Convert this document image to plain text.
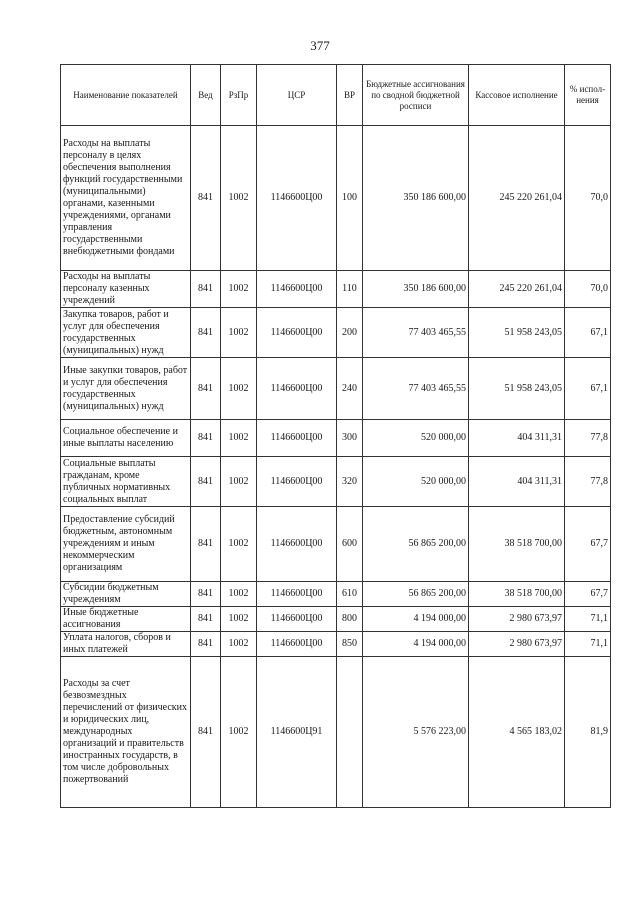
377
Наименование показателей	Вед	РзПр	ЦСР	ВР	Бюджетные ассигнования по сводной бюджетной росписи	Кассовое исполнение	% испол-нения
Расходы на выплаты персоналу в целях обеспечения выполнения функций государственными (муниципальными) органами, казенными учреждениями, органами управления государственными внебюджетными фондами	841	1002	1146600Ц00	100	350 186 600,00	245 220 261,04	70,0
Расходы на выплаты персоналу казенных учреждений	841	1002	1146600Ц00	110	350 186 600,00	245 220 261,04	70,0
Закупка товаров, работ и услуг для обеспечения государственных (муниципальных) нужд	841	1002	1146600Ц00	200	77 403 465,55	51 958 243,05	67,1
Иные закупки товаров, работ и услуг для обеспечения государственных (муниципальных) нужд	841	1002	1146600Ц00	240	77 403 465,55	51 958 243,05	67,1
Социальное обеспечение и иные выплаты населению	841	1002	1146600Ц00	300	520 000,00	404 311,31	77,8
Социальные выплаты гражданам, кроме публичных нормативных социальных выплат	841	1002	1146600Ц00	320	520 000,00	404 311,31	77,8
Предоставление субсидий бюджетным, автономным учреждениям и иным некоммерческим организациям	841	1002	1146600Ц00	600	56 865 200,00	38 518 700,00	67,7
Субсидии бюджетным учреждениям	841	1002	1146600Ц00	610	56 865 200,00	38 518 700,00	67,7
Иные бюджетные ассигнования	841	1002	1146600Ц00	800	4 194 000,00	2 980 673,97	71,1
Уплата налогов, сборов и иных платежей	841	1002	1146600Ц00	850	4 194 000,00	2 980 673,97	71,1
Расходы за счет безвозмездных перечислений от физических и юридических лиц, международных организаций и правительств иностранных государств, в том числе добровольных пожертвований	841	1002	1146600Ц91		5 576 223,00	4 565 183,02	81,9
